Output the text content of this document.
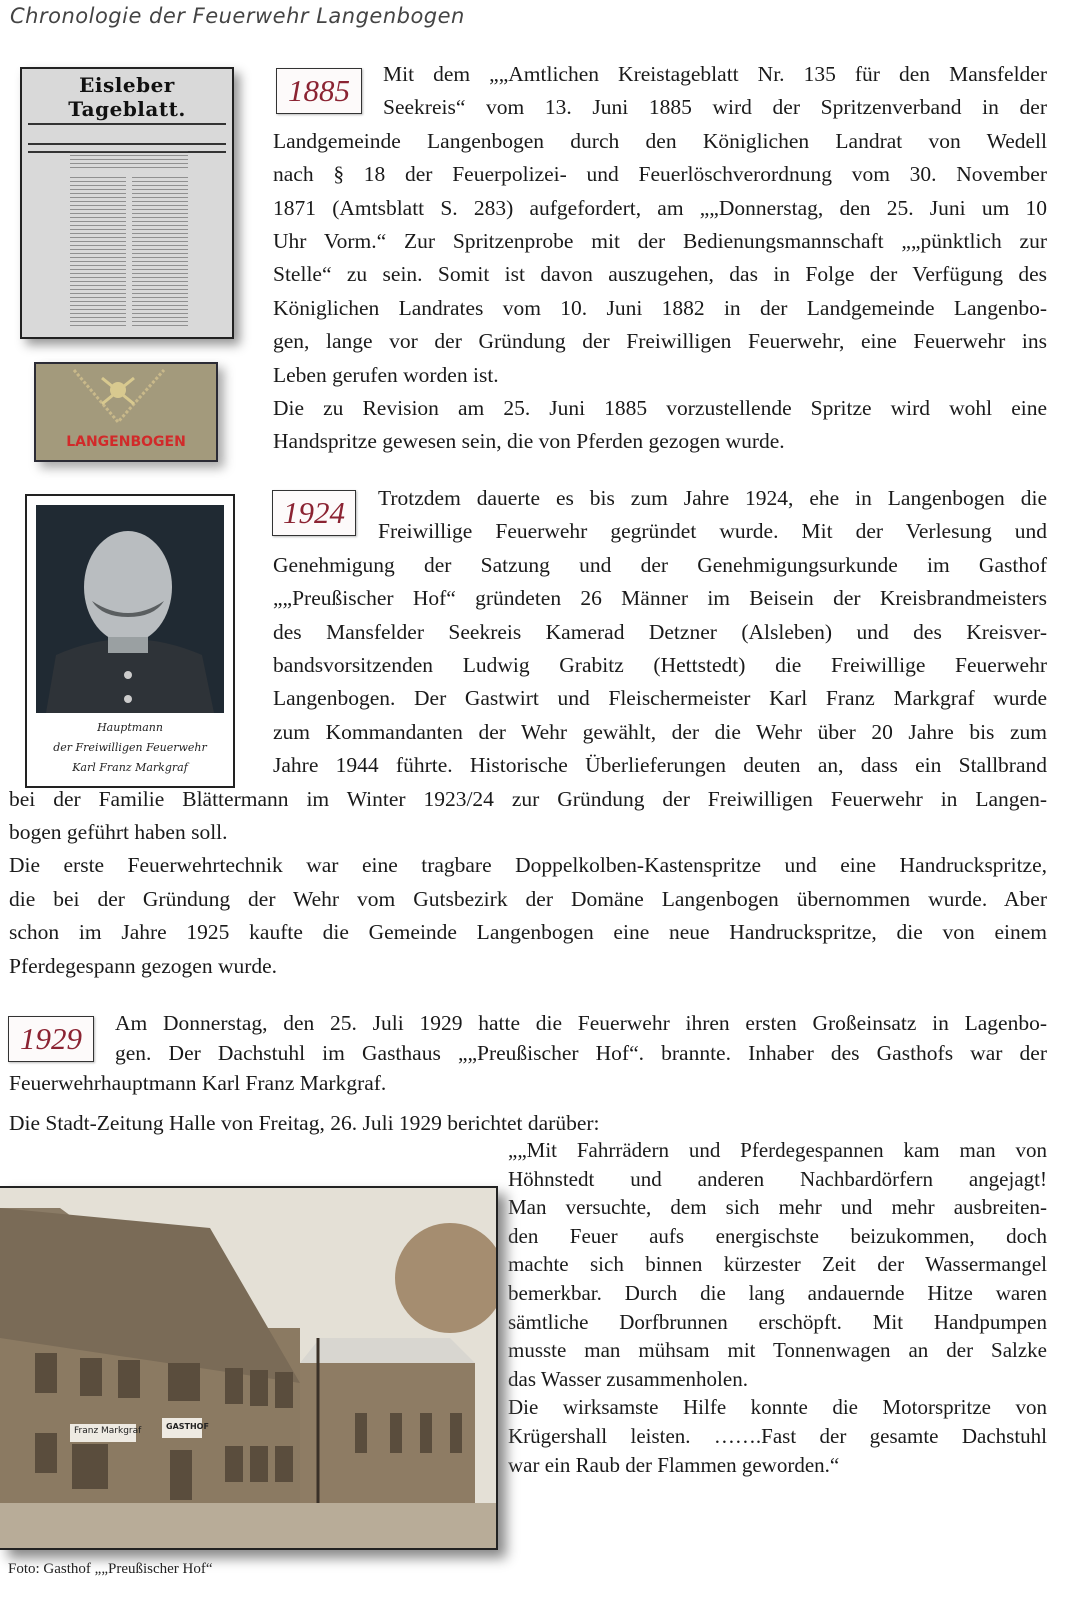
Chronologie der Feuerwehr Langenbogen
Eisleber Tageblatt.
LANGENBOGEN
1885	Mit dem „„Amtlichen Kreistageblatt Nr. 135 für den Mansfelder
Seekreis“ vom 13. Juni 1885 wird der Spritzenverband in der
Landgemeinde Langenbogen durch den Königlichen Landrat von Wedell
nach § 18 der Feuerpolizei- und Feuerlöschverordnung vom 30. November
1871 (Amtsblatt S. 283) aufgefordert, am „„Donnerstag, den 25. Juni um 10
Uhr Vorm.“ Zur Spritzenprobe mit der Bedienungsmannschaft „„pünktlich zur
Stelle“ zu sein. Somit ist davon auszugehen, das in Folge der Verfügung des
Königlichen Landrates vom 10. Juni 1882 in der Landgemeinde Langenbo-
gen, lange vor der Gründung der Freiwilligen Feuerwehr, eine Feuerwehr ins
Leben gerufen worden ist.
Die zu Revision am 25. Juni 1885 vorzustellende Spritze wird wohl eine
Handspritze gewesen sein, die von Pferden gezogen wurde.
Hauptmann
der Freiwilligen Feuerwehr
Karl Franz Markgraf
1924	Trotzdem dauerte es bis zum Jahre 1924, ehe in Langenbogen die
Freiwillige Feuerwehr gegründet wurde. Mit der Verlesung und
Genehmigung der Satzung und der Genehmigungsurkunde im Gasthof
„„Preußischer Hof“ gründeten 26 Männer im Beisein der Kreisbrandmeisters
des Mansfelder Seekreis Kamerad Detzner (Alsleben) und des Kreisver-
bandsvorsitzenden Ludwig Grabitz (Hettstedt) die Freiwillige Feuerwehr
Langenbogen. Der Gastwirt und Fleischermeister Karl Franz Markgraf wurde
zum Kommandanten der Wehr gewählt, der die Wehr über 20 Jahre bis zum
Jahre 1944 führte. Historische Überlieferungen deuten an, dass ein Stallbrand
bei der Familie Blättermann im Winter 1923/24 zur Gründung der Freiwilligen Feuerwehr in Langen-
bogen geführt haben soll.
Die erste Feuerwehrtechnik war eine tragbare Doppelkolben-Kastenspritze und eine Handruckspritze,
die bei der Gründung der Wehr vom Gutsbezirk der Domäne Langenbogen übernommen wurde. Aber
schon im Jahre 1925 kaufte die Gemeinde Langenbogen eine neue Handruckspritze, die von einem
Pferdegespann gezogen wurde.
1929	Am Donnerstag, den 25. Juli 1929 hatte die Feuerwehr ihren ersten Großeinsatz in Lagenbo-
gen. Der Dachstuhl im Gasthaus „„Preußischer Hof“. brannte. Inhaber des Gasthofs war der
Feuerwehrhauptmann Karl Franz Markgraf.
Die Stadt-Zeitung Halle von Freitag, 26. Juli 1929 berichtet darüber:
„„Mit Fahrrädern und Pferdegespannen kam man von
Höhnstedt und anderen Nachbardörfern angejagt!
Man versuchte, dem sich mehr und mehr ausbreiten-
den Feuer aufs energischste beizukommen, doch
machte sich binnen kürzester Zeit der Wassermangel
bemerkbar. Durch die lang andauernde Hitze waren
sämtliche Dorfbrunnen erschöpft. Mit Handpumpen
musste man mühsam mit Tonnenwagen an der Salzke
das Wasser zusammenholen.
Die wirksamste Hilfe konnte die Motorspritze von
Krügershall leisten. …….Fast der gesamte Dachstuhl
war ein Raub der Flammen geworden.“
Franz Markgraf	GASTHOF
Foto: Gasthof „„Preußischer Hof“
